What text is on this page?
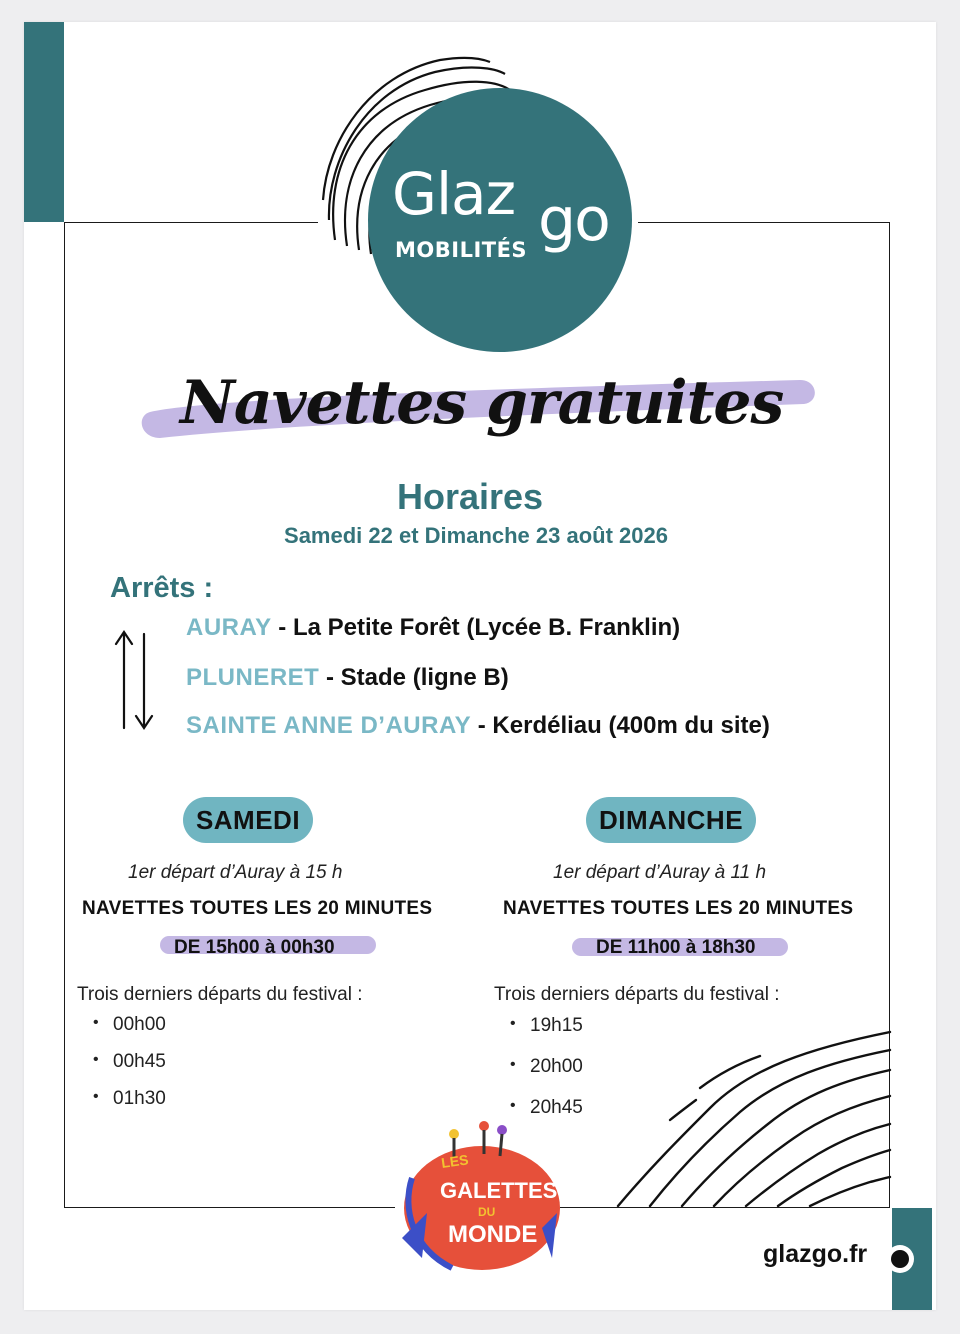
Glaz go
MOBILITÉS
Navettes gratuites
Horaires
Samedi 22 et Dimanche 23 août 2026
Arrêts :
AURAY - La Petite Forêt (Lycée B. Franklin)
PLUNERET - Stade (ligne B)
SAINTE ANNE D’AURAY - Kerdéliau (400m du site)
SAMEDI
1er départ d’Auray à 15 h
NAVETTES TOUTES LES 20 MINUTES
DE 15h00 à 00h30
Trois derniers départs du festival :
• 00h00
• 00h45
• 01h30
DIMANCHE
1er départ d’Auray à 11 h
NAVETTES TOUTES LES 20 MINUTES
DE 11h00 à 18h30
Trois derniers départs du festival :
• 19h15
• 20h00
• 20h45
LES
GALETTES
DU
MONDE
glazgo.fr
